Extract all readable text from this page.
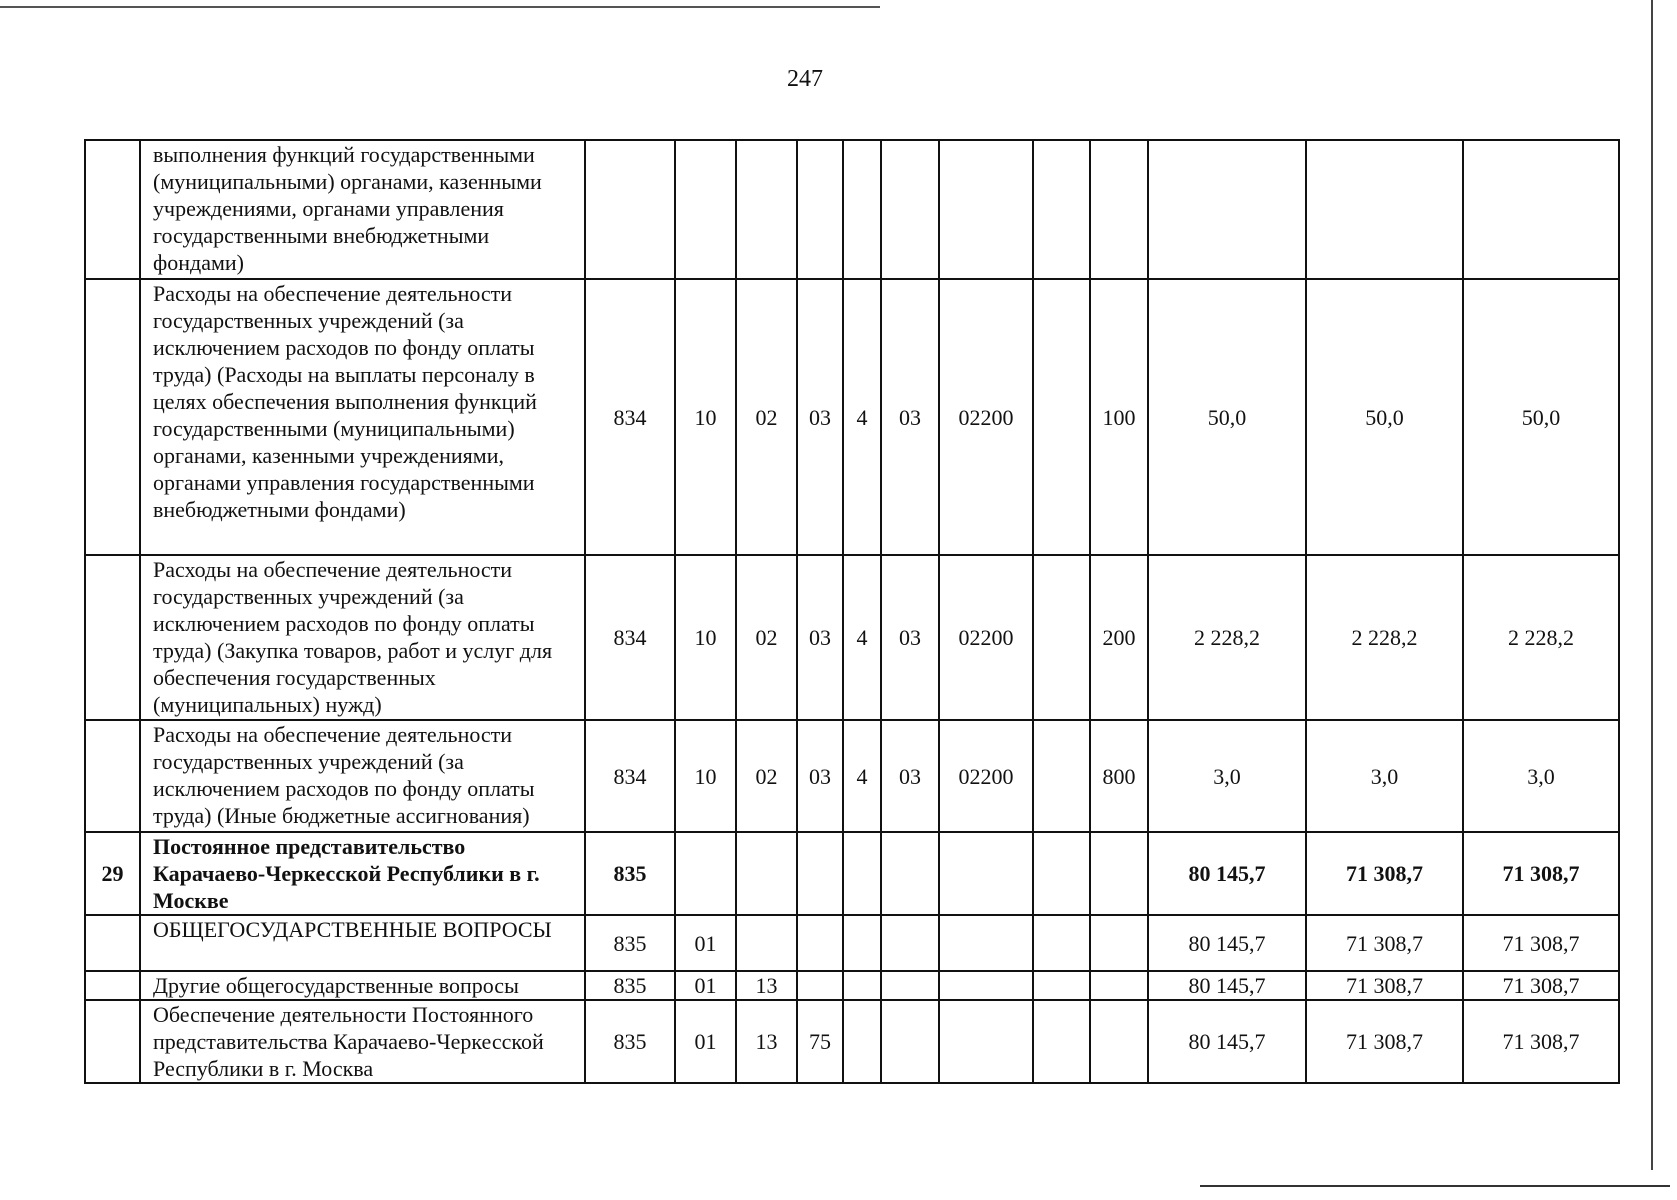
247
	выполнения функций государственными (муниципальными) органами, казенными учреждениями, органами управления государственными внебюджетными фондами)												
	Расходы на обеспечение деятельности государственных учреждений (за исключением расходов по фонду оплаты труда) (Расходы на выплаты персоналу в целях обеспечения выполнения функций государственными (муниципальными) органами, казенными учреждениями, органами управления государственными внебюджетными фондами)	834	10	02	03	4	03	02200		100	50,0	50,0	50,0
	Расходы на обеспечение деятельности государственных учреждений (за исключением расходов по фонду оплаты труда) (Закупка товаров, работ и услуг для обеспечения государственных (муниципальных) нужд)	834	10	02	03	4	03	02200		200	2 228,2	2 228,2	2 228,2
	Расходы на обеспечение деятельности государственных учреждений (за исключением расходов по фонду оплаты труда) (Иные бюджетные ассигнования)	834	10	02	03	4	03	02200		800	3,0	3,0	3,0
29	Постоянное представительство Карачаево-Черкесской Республики в г. Москве	835									80 145,7	71 308,7	71 308,7
	ОБЩЕГОСУДАРСТВЕННЫЕ ВОПРОСЫ	835	01								80 145,7	71 308,7	71 308,7
	Другие общегосударственные вопросы	835	01	13							80 145,7	71 308,7	71 308,7
	Обеспечение деятельности Постоянного представительства Карачаево-Черкесской Республики в г. Москва	835	01	13	75						80 145,7	71 308,7	71 308,7
